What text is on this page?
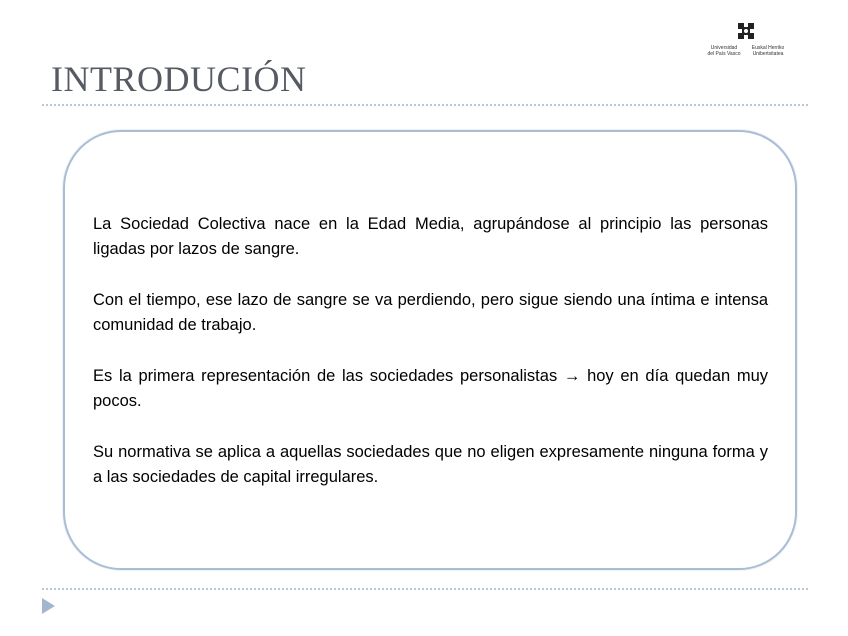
INTRODUCIÓN
Universidad
del País Vasco
Euskal Herriko
Unibertsitatea

La Sociedad Colectiva nace en la Edad Media, agrupándose al principio las personas ligadas por lazos de sangre.

Con el tiempo, ese lazo de sangre se va perdiendo, pero sigue siendo una íntima e intensa comunidad de trabajo.

Es la primera representación de las sociedades personalistas → hoy en día quedan muy pocos.

Su normativa se aplica a aquellas sociedades que no eligen expresamente ninguna forma y a las sociedades de capital irregulares.
